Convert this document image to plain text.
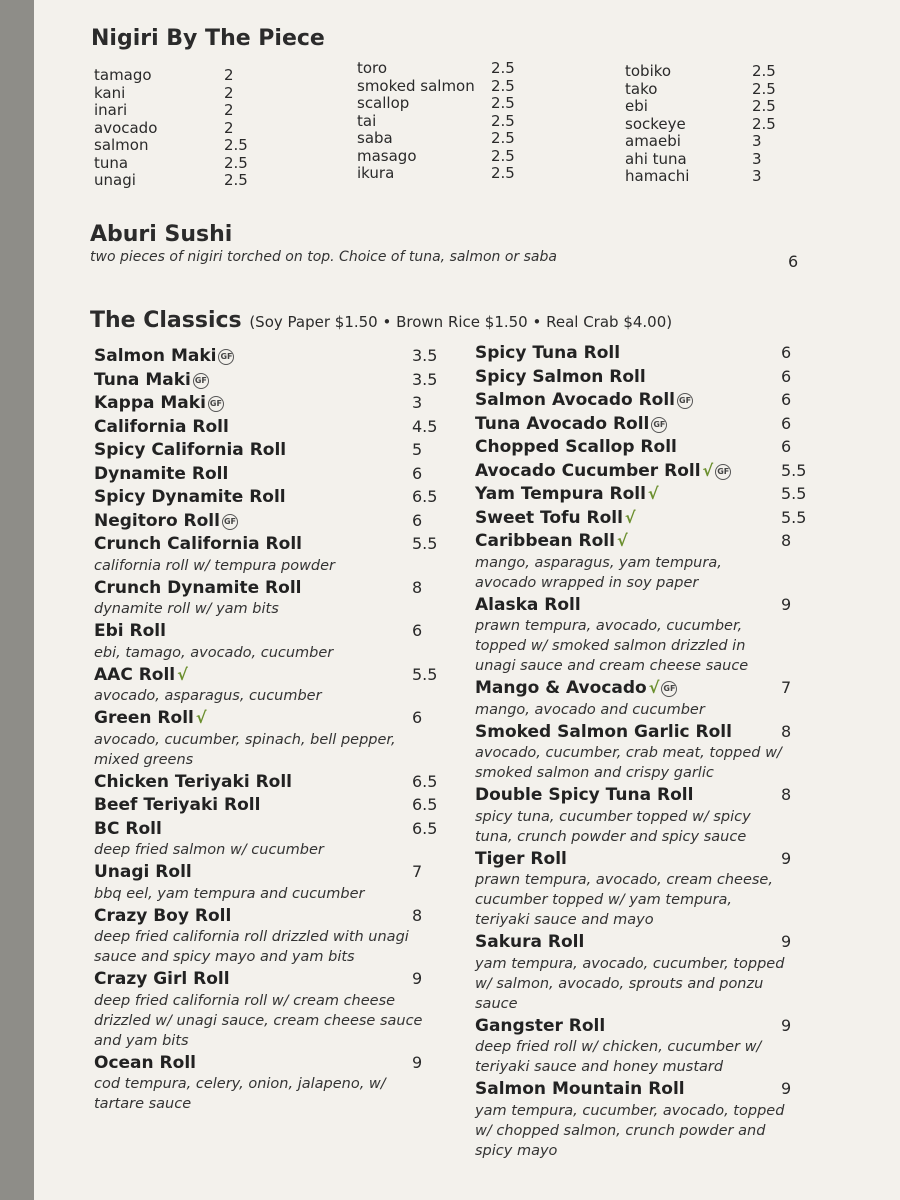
Nigiri By The Piece
tamago	2
kani	2
inari	2
avocado	2
salmon	2.5
tuna	2.5
unagi	2.5
toro	2.5
smoked salmon	2.5
scallop	2.5
tai	2.5
saba	2.5
masago	2.5
ikura	2.5
tobiko	2.5
tako	2.5
ebi	2.5
sockeye	2.5
amaebi	3
ahi tuna	3
hamachi	3
Aburi Sushi
two pieces of nigiri torched on top. Choice of tuna, salmon or saba	6
The Classics (Soy Paper $1.50 • Brown Rice $1.50 • Real Crab $4.00)
Salmon Maki GF	3.5
Tuna Maki GF	3.5
Kappa Maki GF	3
California Roll	4.5
Spicy California Roll	5
Dynamite Roll	6
Spicy Dynamite Roll	6.5
Negitoro Roll GF	6
Crunch California Roll	5.5
california roll w/ tempura powder
Crunch Dynamite Roll	8
dynamite roll w/ yam bits
Ebi Roll	6
ebi, tamago, avocado, cucumber
AAC Roll √	5.5
avocado, asparagus, cucumber
Green Roll √	6
avocado, cucumber, spinach, bell pepper, mixed greens
Chicken Teriyaki Roll	6.5
Beef Teriyaki Roll	6.5
BC Roll	6.5
deep fried salmon w/ cucumber
Unagi Roll	7
bbq eel, yam tempura and cucumber
Crazy Boy Roll	8
deep fried california roll drizzled with unagi sauce and spicy mayo and yam bits
Crazy Girl Roll	9
deep fried california roll w/ cream cheese drizzled w/ unagi sauce, cream cheese sauce and yam bits
Ocean Roll	9
cod tempura, celery, onion, jalapeno, w/ tartare sauce
Spicy Tuna Roll	6
Spicy Salmon Roll	6
Salmon Avocado Roll GF	6
Tuna Avocado Roll GF	6
Chopped Scallop Roll	6
Avocado Cucumber Roll √ GF	5.5
Yam Tempura Roll √	5.5
Sweet Tofu Roll √	5.5
Caribbean Roll √	8
mango, asparagus, yam tempura, avocado wrapped in soy paper
Alaska Roll	9
prawn tempura, avocado, cucumber, topped w/ smoked salmon drizzled in unagi sauce and cream cheese sauce
Mango & Avocado √ GF	7
mango, avocado and cucumber
Smoked Salmon Garlic Roll	8
avocado, cucumber, crab meat, topped w/ smoked salmon and crispy garlic
Double Spicy Tuna Roll	8
spicy tuna, cucumber topped w/ spicy tuna, crunch powder and spicy sauce
Tiger Roll	9
prawn tempura, avocado, cream cheese, cucumber topped w/ yam tempura, teriyaki sauce and mayo
Sakura Roll	9
yam tempura, avocado, cucumber, topped w/ salmon, avocado, sprouts and ponzu sauce
Gangster Roll	9
deep fried roll w/ chicken, cucumber w/ teriyaki sauce and honey mustard
Salmon Mountain Roll	9
yam tempura, cucumber, avocado, topped w/ chopped salmon, crunch powder and spicy mayo
